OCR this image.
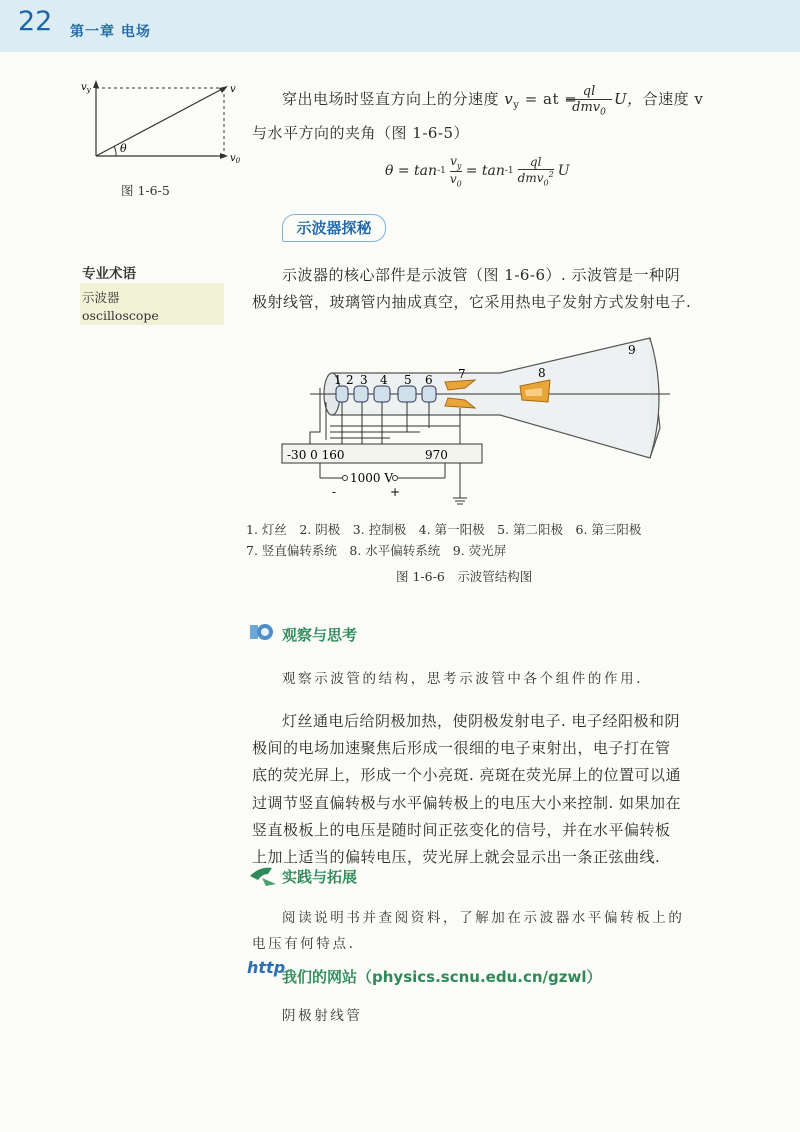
22 第一章 电场
$v_y$	v
θ
$v_0$
图 1-6-5
穿出电场时竖直方向上的分速度 $v_y$ = at = ql
dmv$_0$
U，合速度 v
与水平方向的夹角（图 1-6-5）
$\theta = \tan -1 \frac{v_y}{v_0} = \tan -1$
ql
dmv$_0^2$ U
示波器探秘
专业术语
示波器
oscilloscope
示波器的核心部件是示波管（图 1-6-6）. 示波管是一种阴
极射线管，玻璃管内抽成真空，它采用热电子发射方式发射电子.
1 2 3 4 5 6 7	8
9
-30 0 160	970
1000 V
-	+
1. 灯丝　2. 阴极　3. 控制极　4. 第一阳极　5. 第二阳极　6. 第三阳极
7. 竖直偏转系统　8. 水平偏转系统　9. 荧光屏
图 1-6-6　示波管结构图
观察与思考
观察示波管的结构，思考示波管中各个组件的作用.
灯丝通电后给阴极加热，使阴极发射电子. 电子经阳极和阴
极间的电场加速聚焦后形成一很细的电子束射出，电子打在管
底的荧光屏上，形成一个小亮斑. 亮斑在荧光屏上的位置可以通
过调节竖直偏转极与水平偏转极上的电压大小来控制. 如果加在
竖直极板上的电压是随时间正弦变化的信号，并在水平偏转板
上加上适当的偏转电压，荧光屏上就会显示出一条正弦曲线.
实践与拓展
阅读说明书并查阅资料，了解加在示波器水平偏转板上的
电压有何特点.
http
我们的网站（physics.scnu.edu.cn/gzwl）
阴极射线管
